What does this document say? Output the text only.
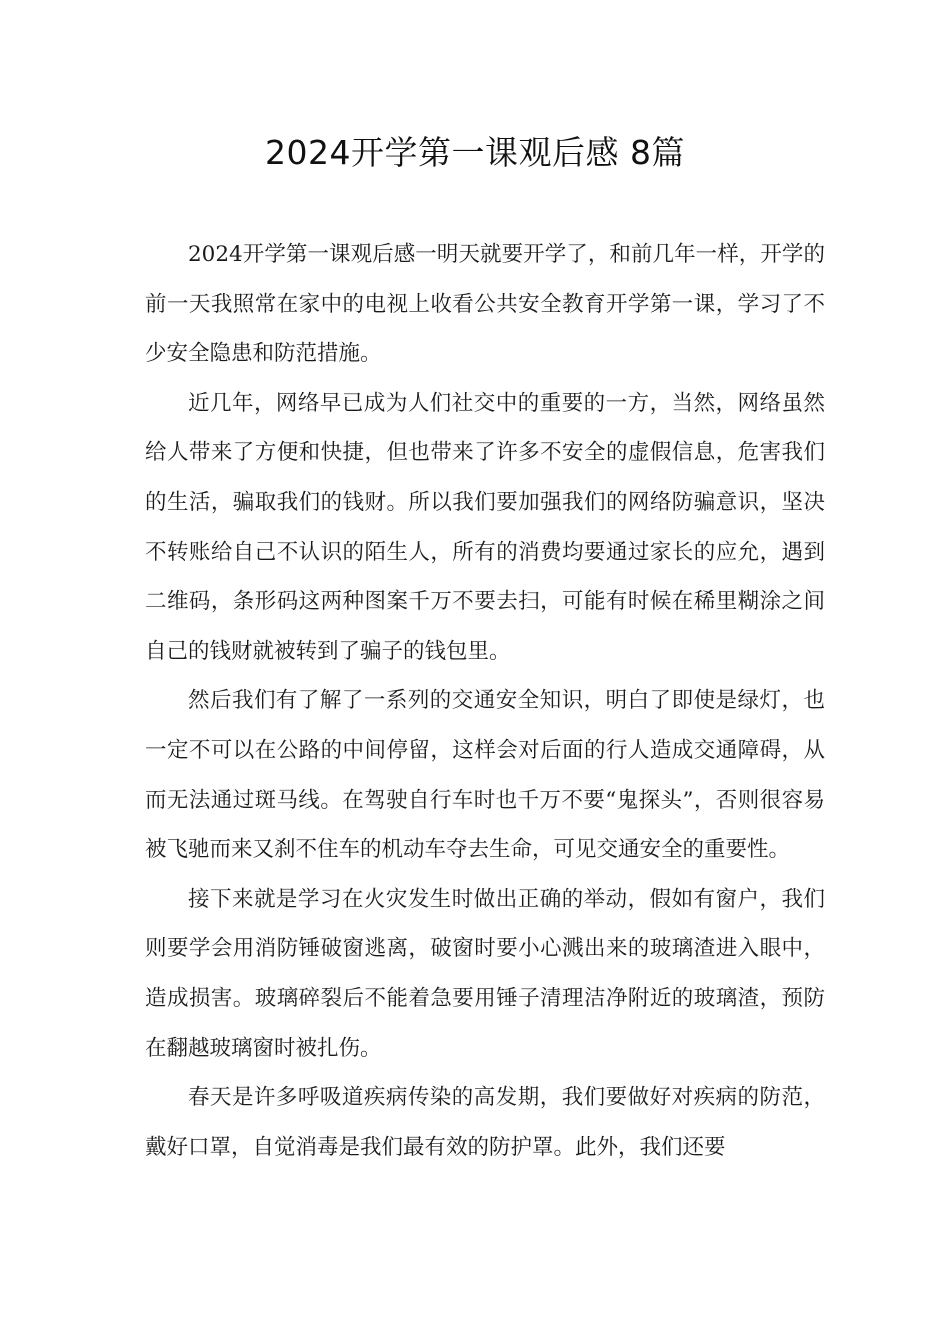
2024开学第一课观后感 8篇

2024开学第一课观后感一明天就要开学了，和前几年一样，开学的前一天我照常在家中的电视上收看公共安全教育开学第一课，学习了不少安全隐患和防范措施。

近几年，网络早已成为人们社交中的重要的一方，当然，网络虽然给人带来了方便和快捷，但也带来了许多不安全的虚假信息，危害我们的生活，骗取我们的钱财。所以我们要加强我们的网络防骗意识，坚决不转账给自己不认识的陌生人，所有的消费均要通过家长的应允，遇到二维码，条形码这两种图案千万不要去扫，可能有时候在稀里糊涂之间自己的钱财就被转到了骗子的钱包里。

然后我们有了解了一系列的交通安全知识，明白了即使是绿灯，也一定不可以在公路的中间停留，这样会对后面的行人造成交通障碍，从而无法通过斑马线。在驾驶自行车时也千万不要“鬼探头”，否则很容易被飞驰而来又刹不住车的机动车夺去生命，可见交通安全的重要性。

接下来就是学习在火灾发生时做出正确的举动，假如有窗户，我们则要学会用消防锤破窗逃离，破窗时要小心溅出来的玻璃渣进入眼中，造成损害。玻璃碎裂后不能着急要用锤子清理洁净附近的玻璃渣，预防在翻越玻璃窗时被扎伤。

春天是许多呼吸道疾病传染的高发期，我们要做好对疾病的防范，戴好口罩，自觉消毒是我们最有效的防护罩。此外，我们还要
